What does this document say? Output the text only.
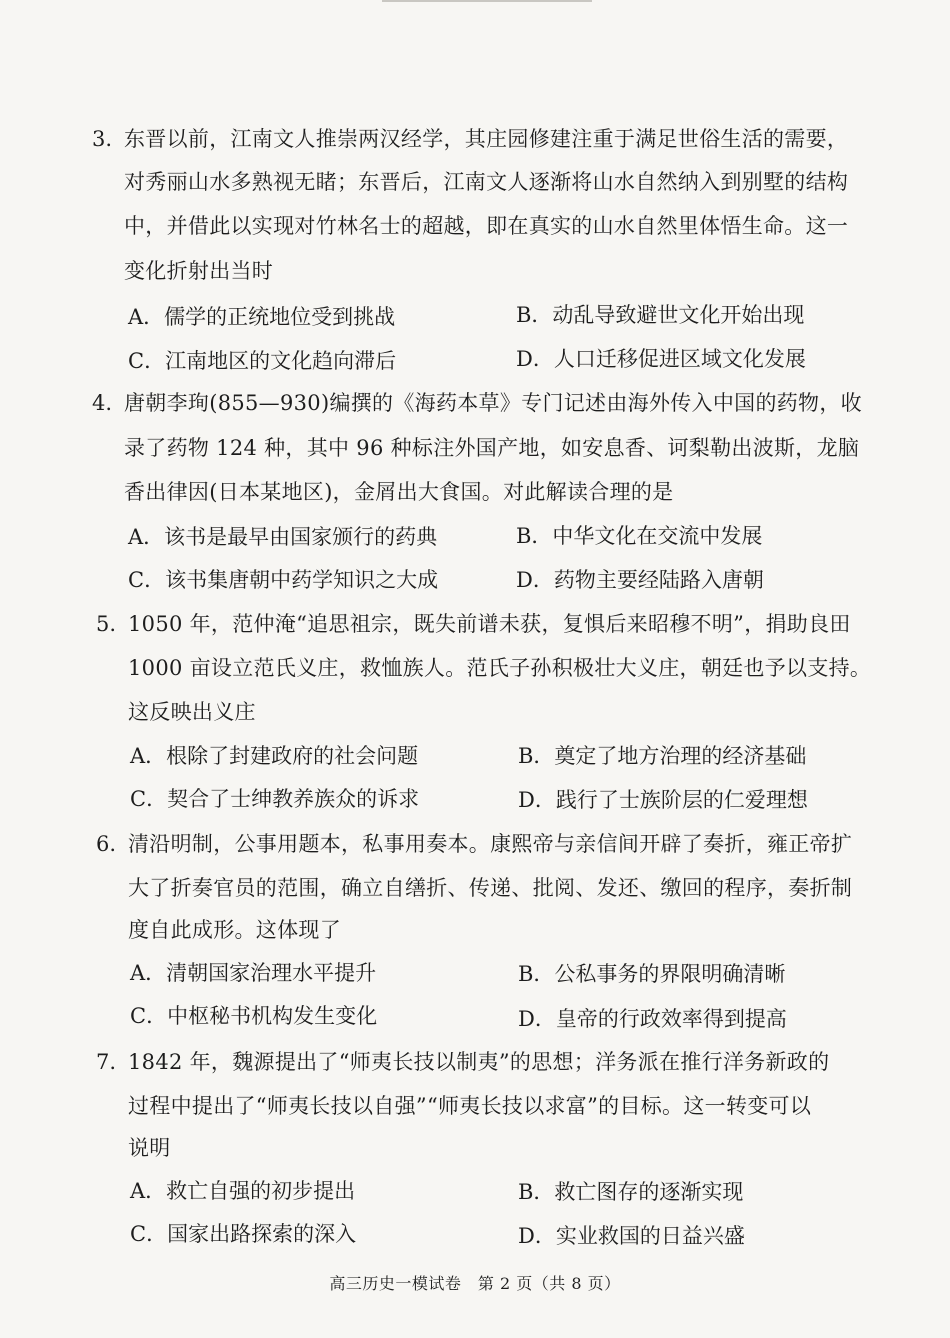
3. 东晋以前，江南文人推崇两汉经学，其庄园修建注重于满足世俗生活的需要，
对秀丽山水多熟视无睹；东晋后，江南文人逐渐将山水自然纳入到别墅的结构
中，并借此以实现对竹林名士的超越，即在真实的山水自然里体悟生命。这一
变化折射出当时
A．儒学的正统地位受到挑战	B．动乱导致避世文化开始出现
C．江南地区的文化趋向滞后	D．人口迁移促进区域文化发展
4. 唐朝李珣(855—930)编撰的《海药本草》专门记述由海外传入中国的药物，收
录了药物 124 种，其中 96 种标注外国产地，如安息香、诃梨勒出波斯，龙脑
香出律因(日本某地区)，金屑出大食国。对此解读合理的是
A．该书是最早由国家颁行的药典	B．中华文化在交流中发展
C．该书集唐朝中药学知识之大成	D．药物主要经陆路入唐朝
5. 1050 年，范仲淹“追思祖宗，既失前谱未获，复惧后来昭穆不明”，捐助良田
1000 亩设立范氏义庄，救恤族人。范氏子孙积极壮大义庄，朝廷也予以支持。
这反映出义庄
A．根除了封建政府的社会问题	B．奠定了地方治理的经济基础
C．契合了士绅教养族众的诉求	D．践行了士族阶层的仁爱理想
6. 清沿明制，公事用题本，私事用奏本。康熙帝与亲信间开辟了奏折，雍正帝扩
大了折奏官员的范围，确立自缮折、传递、批阅、发还、缴回的程序，奏折制
度自此成形。这体现了
A．清朝国家治理水平提升	B．公私事务的界限明确清晰
C．中枢秘书机构发生变化	D．皇帝的行政效率得到提高
7. 1842 年，魏源提出了“师夷长技以制夷”的思想；洋务派在推行洋务新政的
过程中提出了“师夷长技以自强”“师夷长技以求富”的目标。这一转变可以
说明
A．救亡自强的初步提出	B．救亡图存的逐渐实现
C．国家出路探索的深入	D．实业救国的日益兴盛
高三历史一模试卷　第 2 页（共 8 页）
